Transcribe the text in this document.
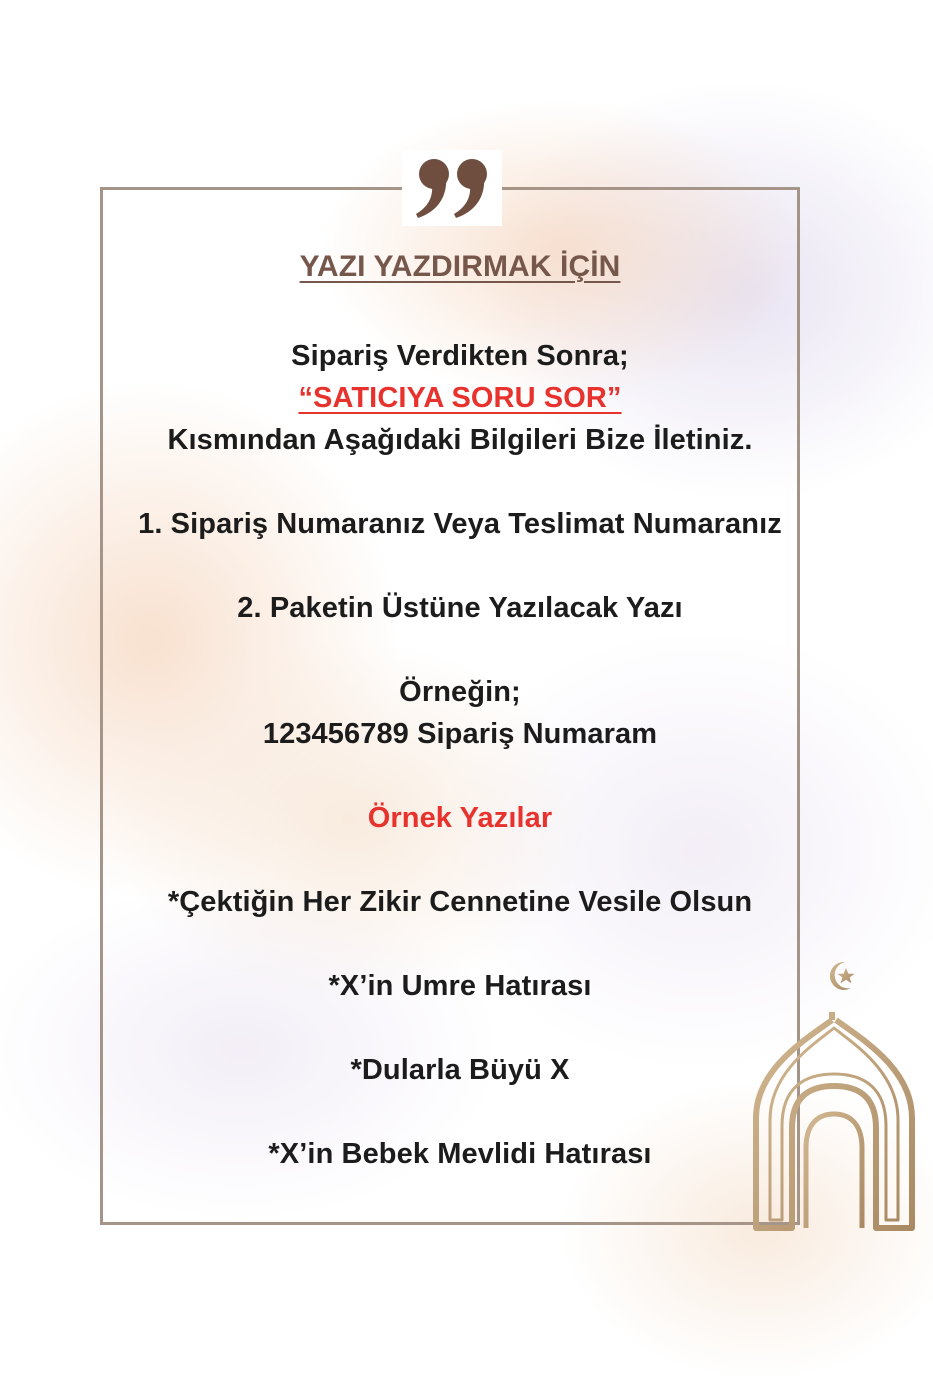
YAZI YAZDIRMAK İÇİN
Sipariş Verdikten Sonra;
“SATICIYA SORU SOR”
Kısmından Aşağıdaki Bilgileri Bize İletiniz.
1. Sipariş Numaranız Veya Teslimat Numaranız
2. Paketin Üstüne Yazılacak Yazı
Örneğin;
123456789 Sipariş Numaram
Örnek Yazılar
*Çektiğin Her Zikir Cennetine Vesile Olsun
*X’in Umre Hatırası
*Dularla Büyü X
*X’in Bebek Mevlidi Hatırası
